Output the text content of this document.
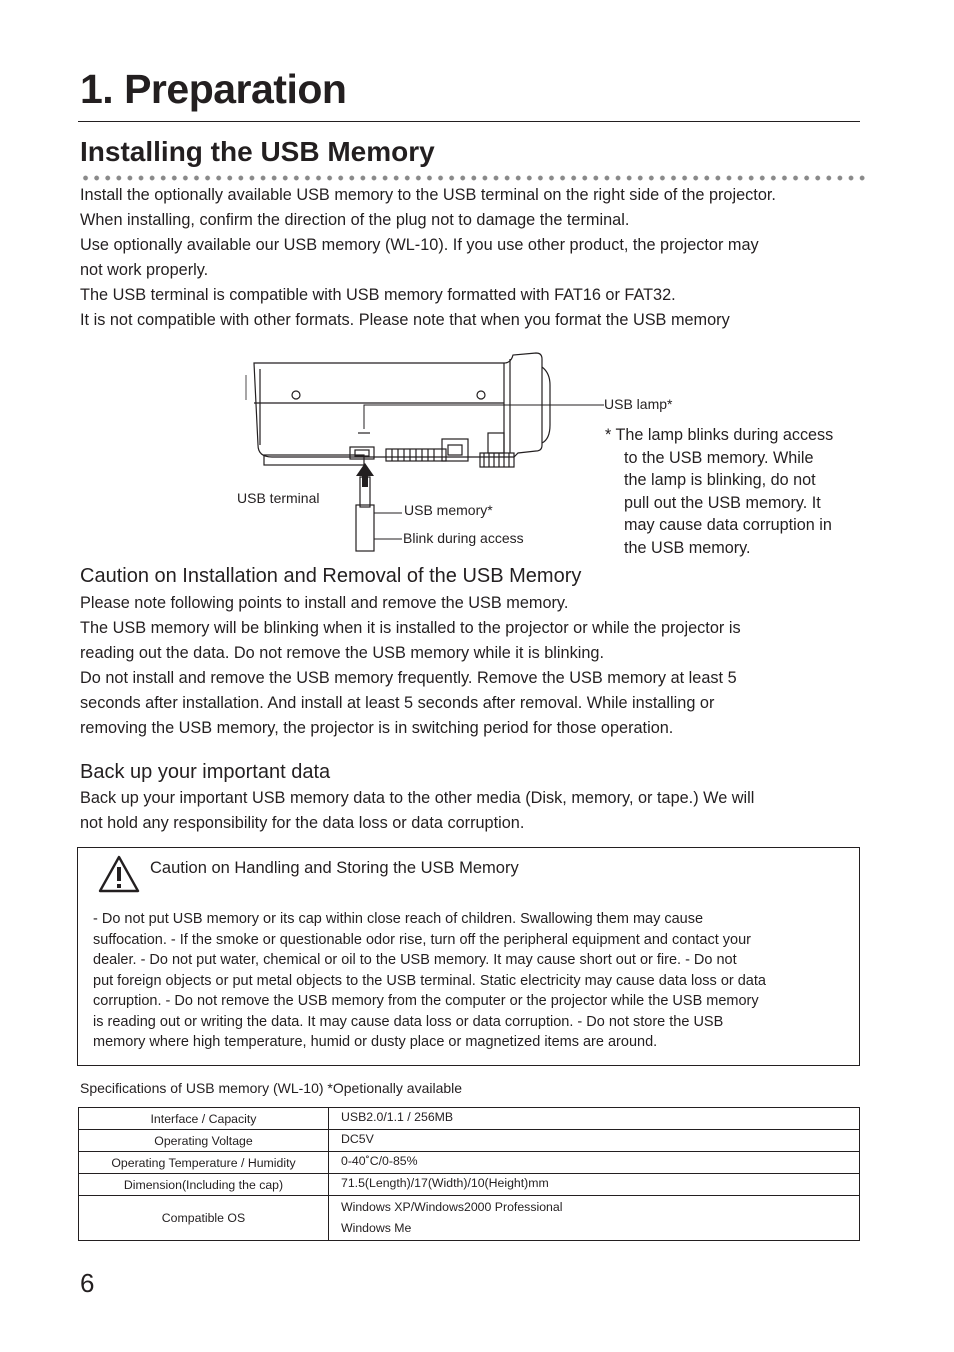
1. Preparation
Installing the USB Memory

Install the optionally available USB memory to the USB terminal on the right side of the projector.

When installing, confirm the direction of the plug not to damage the terminal.

Use optionally available our USB memory (WL-10). If you use other product, the projector may

not work properly.

The USB terminal is compatible with USB memory formatted with FAT16 or FAT32.

It is not compatible with other formats. Please note that when you format the USB memory

USB lamp*
USB terminal
USB memory*
Blink during access
* The lamp blinks during access
to the USB memory. While
the lamp is blinking, do not
pull out the USB memory. It
may cause data corruption in
the USB memory.
Caution on Installation and Removal of the USB Memory

Please note following points to install and remove the USB memory.

The USB memory will be blinking when it is installed to the projector or while the projector is

reading out the data. Do not remove the USB memory while it is blinking.

Do not install and remove the USB memory frequently. Remove the USB memory at least 5

seconds after installation. And install at least 5 seconds after removal. While installing or

removing the USB memory, the projector is in switching period for those operation.

Back up your important data

Back up your important USB memory data to the other media (Disk, memory, or tape.) We will

not hold any responsibility for the data loss or data corruption.

Caution on Handling and Storing the USB Memory
- Do not put USB memory or its cap within close reach of children. Swallowing them may cause
suffocation. - If the smoke or questionable odor rise, turn off the peripheral equipment and contact your
dealer. - Do not put water, chemical or oil to the USB memory. It may cause short out or fire. - Do not
put foreign objects or put metal objects to the USB terminal. Static electricity may cause data loss or data
corruption. - Do not remove the USB memory from the computer or the projector while the USB memory
is reading out or writing the data. It may cause data loss or data corruption. - Do not store the USB
memory where high temperature, humid or dusty place or magnetized items are around.
Specifications of USB memory (WL-10) *Opetionally available
Interface / Capacity	USB2.0/1.1 / 256MB
Operating Voltage	DC5V
Operating Temperature / Humidity	0-40˚C/0-85%
Dimension(Including the cap)	71.5(Length)/17(Width)/10(Height)mm
Compatible OS	Windows XP/Windows2000 Professional
Windows Me
6
